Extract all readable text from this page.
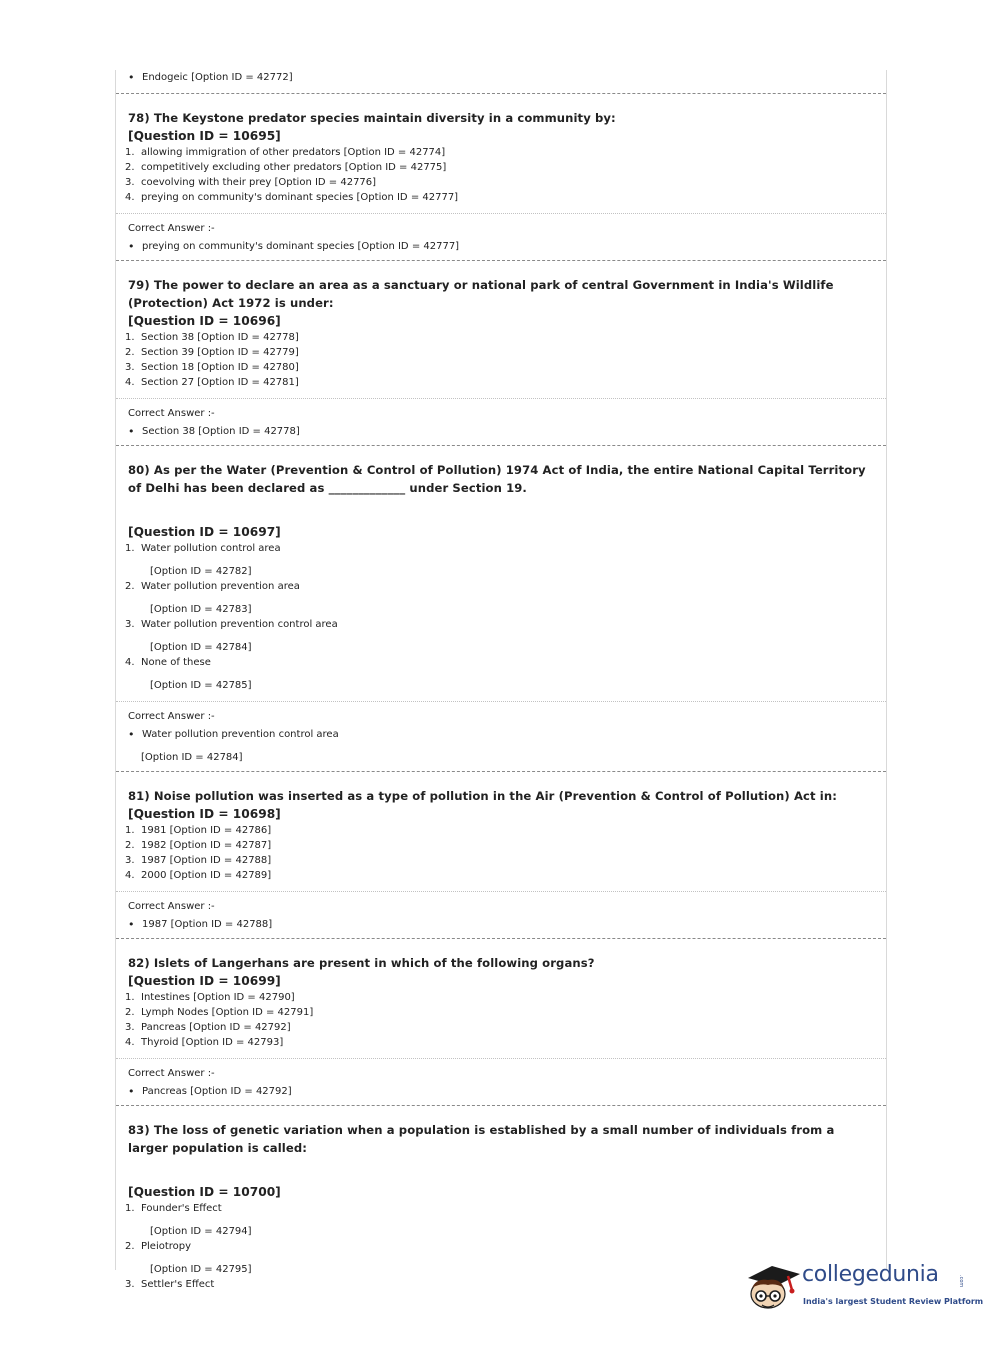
• Endogeic [Option ID = 42772]
78) The Keystone predator species maintain diversity in a community by:
[Question ID = 10695]
1. allowing immigration of other predators [Option ID = 42774]
2. competitively excluding other predators [Option ID = 42775]
3. coevolving with their prey [Option ID = 42776]
4. preying on community's dominant species [Option ID = 42777]
Correct Answer :-
• preying on community's dominant species [Option ID = 42777]
79) The power to declare an area as a sanctuary or national park of central Government in India's Wildlife (Protection) Act 1972 is under:
[Question ID = 10696]
1. Section 38 [Option ID = 42778]
2. Section 39 [Option ID = 42779]
3. Section 18 [Option ID = 42780]
4. Section 27 [Option ID = 42781]
Correct Answer :-
• Section 38 [Option ID = 42778]
80) As per the Water (Prevention & Control of Pollution) 1974 Act of India, the entire National Capital Territory of Delhi has been declared as _____________ under Section 19.
[Question ID = 10697]
1. Water pollution control area
[Option ID = 42782]
2. Water pollution prevention area
[Option ID = 42783]
3. Water pollution prevention control area
[Option ID = 42784]
4. None of these
[Option ID = 42785]
Correct Answer :-
• Water pollution prevention control area
[Option ID = 42784]
81) Noise pollution was inserted as a type of pollution in the Air (Prevention & Control of Pollution) Act in:
[Question ID = 10698]
1. 1981 [Option ID = 42786]
2. 1982 [Option ID = 42787]
3. 1987 [Option ID = 42788]
4. 2000 [Option ID = 42789]
Correct Answer :-
• 1987 [Option ID = 42788]
82) Islets of Langerhans are present in which of the following organs?
[Question ID = 10699]
1. Intestines [Option ID = 42790]
2. Lymph Nodes [Option ID = 42791]
3. Pancreas [Option ID = 42792]
4. Thyroid [Option ID = 42793]
Correct Answer :-
• Pancreas [Option ID = 42792]
83) The loss of genetic variation when a population is established by a small number of individuals from a larger population is called:
[Question ID = 10700]
1. Founder's Effect
[Option ID = 42794]
2. Pleiotropy
[Option ID = 42795]
3. Settler's Effect	collegedunia	.com
India's largest Student Review Platform
